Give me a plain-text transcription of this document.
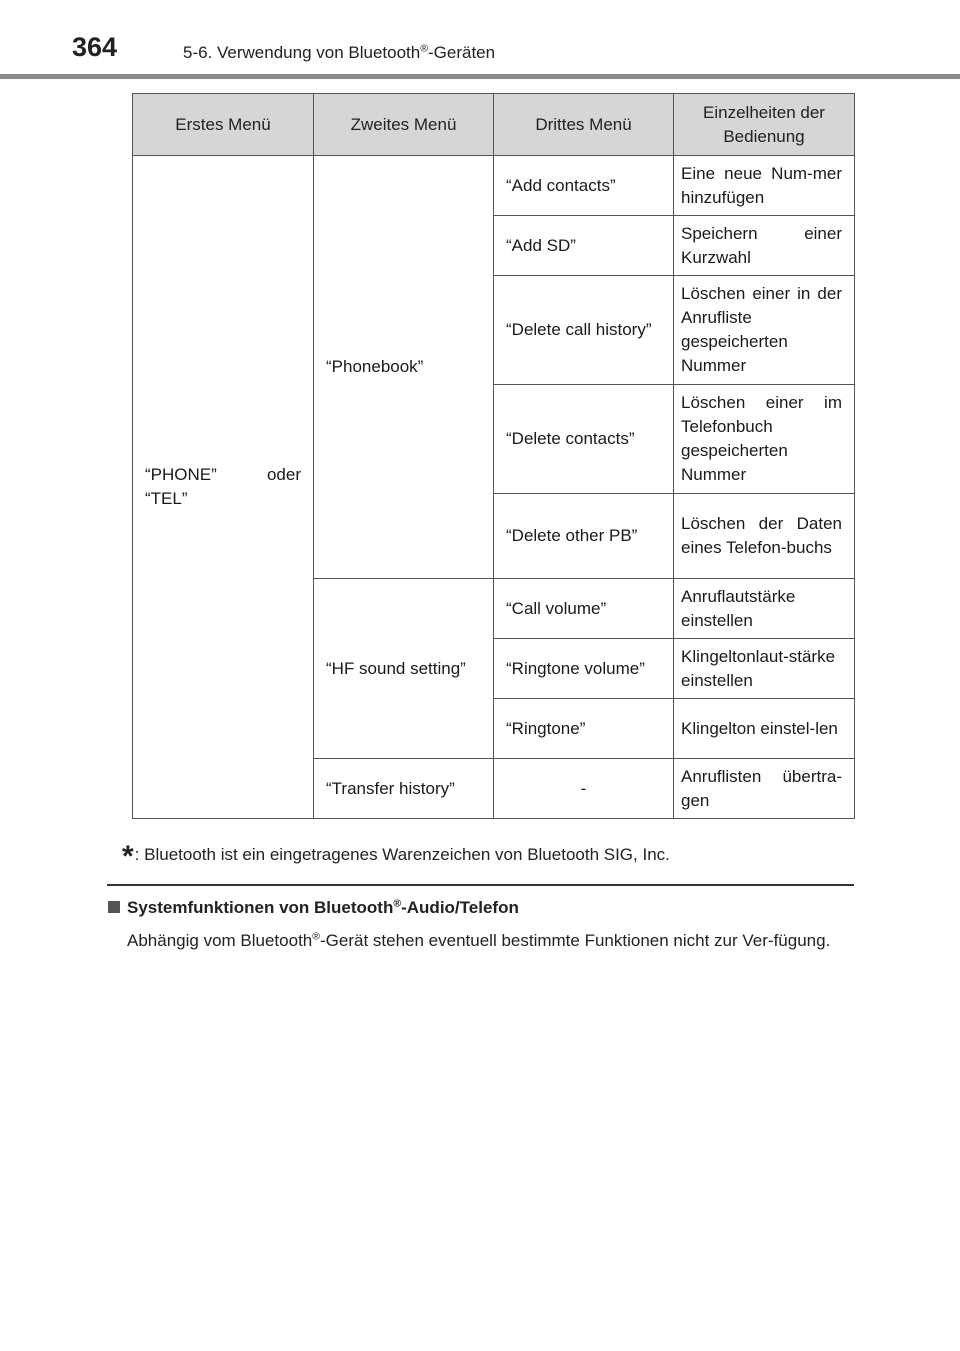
364	5-6. Verwendung von Bluetooth®-Geräten
Erstes Menü	Zweites Menü	Drittes Menü	Einzelheiten der Bedienung
“PHONE” oder “TEL”	“Phonebook”	“Add contacts”	Eine neue Num-mer hinzufügen
		“Add SD”	Speichern einer Kurzwahl
		“Delete call history”	Löschen einer in der Anrufliste gespeicherten Nummer
		“Delete contacts”	Löschen einer im Telefonbuch gespeicherten Nummer
		“Delete other PB”	Löschen der Daten eines Telefon-buchs
	“HF sound setting”	“Call volume”	Anruflautstärke einstellen
		“Ringtone volume”	Klingeltonlaut-stärke einstellen
		“Ringtone”	Klingelton einstel-len
	“Transfer history”	-	Anruflisten übertra-gen
*: Bluetooth ist ein eingetragenes Warenzeichen von Bluetooth SIG, Inc.
Systemfunktionen von Bluetooth®-Audio/Telefon
Abhängig vom Bluetooth®-Gerät stehen eventuell bestimmte Funktionen nicht zur Ver-fügung.
